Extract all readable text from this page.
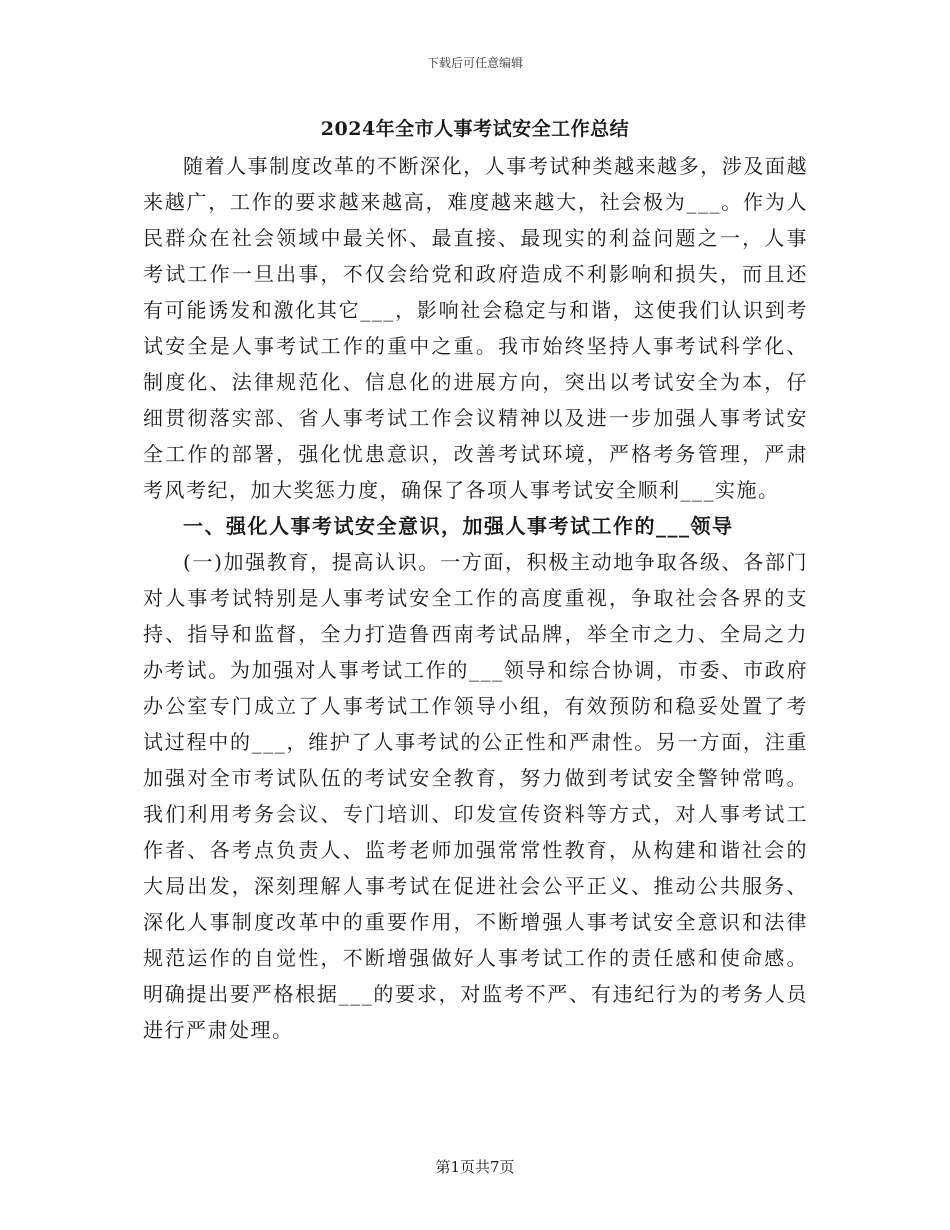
下载后可任意编辑
2024年全市人事考试安全工作总结

随着人事制度改革的不断深化，人事考试种类越来越多，涉及面越来越广，工作的要求越来越高，难度越来越大，社会极为___。作为人民群众在社会领域中最关怀、最直接、最现实的利益问题之一，人事考试工作一旦出事，不仅会给党和政府造成不利影响和损失，而且还有可能诱发和激化其它___，影响社会稳定与和谐，这使我们认识到考试安全是人事考试工作的重中之重。我市始终坚持人事考试科学化、制度化、法律规范化、信息化的进展方向，突出以考试安全为本，仔细贯彻落实部、省人事考试工作会议精神以及进一步加强人事考试安全工作的部署，强化忧患意识，改善考试环境，严格考务管理，严肃考风考纪，加大奖惩力度，确保了各项人事考试安全顺利___实施。

一、强化人事考试安全意识，加强人事考试工作的___领导

(一)加强教育，提高认识。一方面，积极主动地争取各级、各部门对人事考试特别是人事考试安全工作的高度重视，争取社会各界的支持、指导和监督，全力打造鲁西南考试品牌，举全市之力、全局之力办考试。为加强对人事考试工作的___领导和综合协调，市委、市政府办公室专门成立了人事考试工作领导小组，有效预防和稳妥处置了考试过程中的___，维护了人事考试的公正性和严肃性。另一方面，注重加强对全市考试队伍的考试安全教育，努力做到考试安全警钟常鸣。我们利用考务会议、专门培训、印发宣传资料等方式，对人事考试工作者、各考点负责人、监考老师加强常常性教育，从构建和谐社会的大局出发，深刻理解人事考试在促进社会公平正义、推动公共服务、深化人事制度改革中的重要作用，不断增强人事考试安全意识和法律规范运作的自觉性，不断增强做好人事考试工作的责任感和使命感。明确提出要严格根据___的要求，对监考不严、有违纪行为的考务人员进行严肃处理。

第1页共7页
